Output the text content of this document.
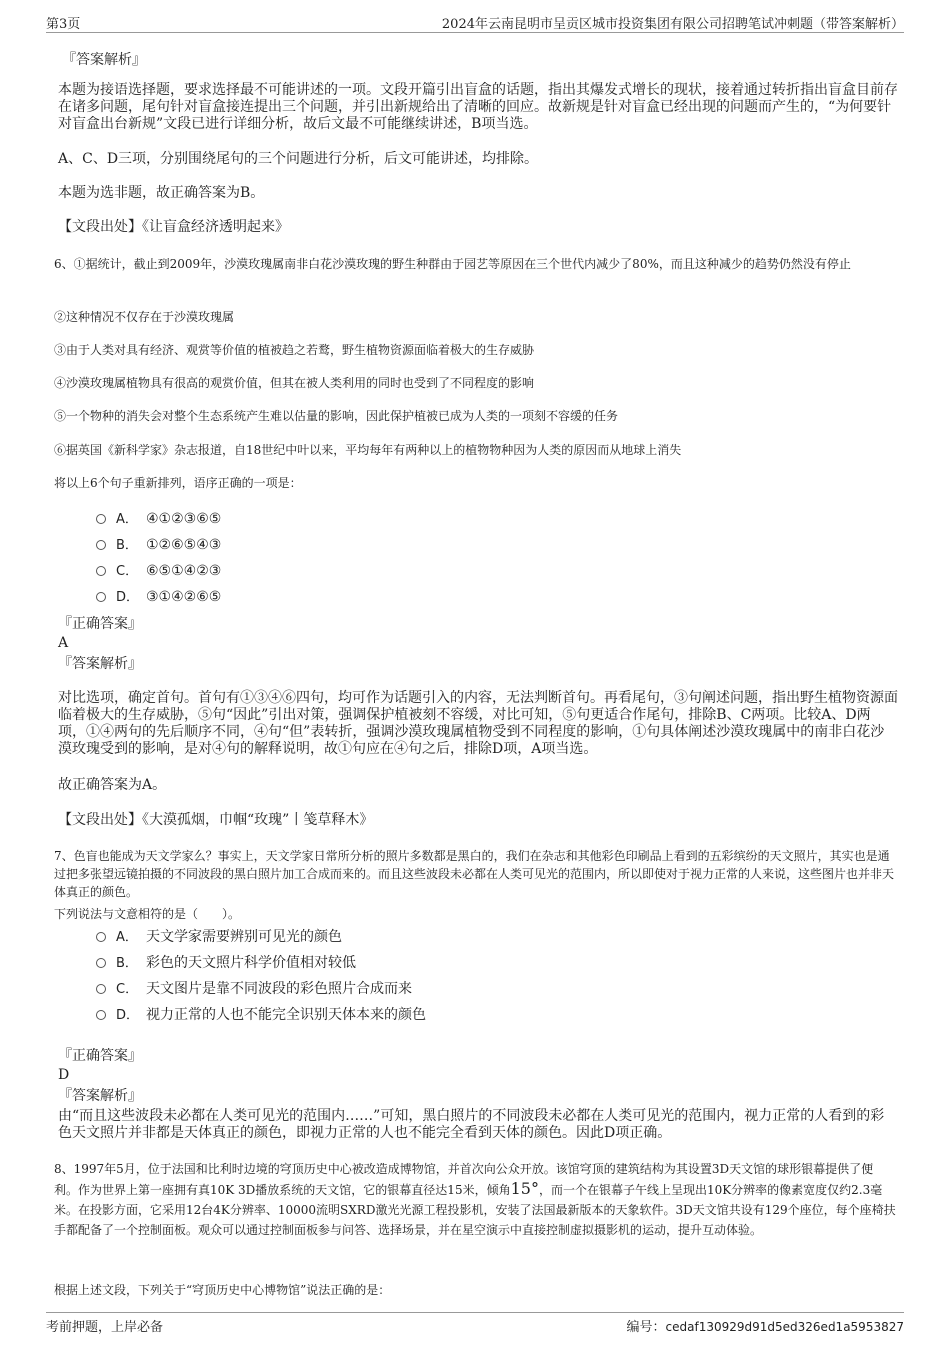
第3页	2024年云南昆明市呈贡区城市投资集团有限公司招聘笔试冲刺题（带答案解析）

『答案解析』

本题为接语选择题，要求选择最不可能讲述的一项。文段开篇引出盲盒的话题，指出其爆发式增长的现状，接着通过转折指出盲盒目前存在诸多问题，尾句针对盲盒接连提出三个问题，并引出新规给出了清晰的回应。故新规是针对盲盒已经出现的问题而产生的，“为何要针对盲盒出台新规”文段已进行详细分析，故后文最不可能继续讲述，B项当选。

A、C、D三项，分别围绕尾句的三个问题进行分析，后文可能讲述，均排除。

本题为选非题，故正确答案为B。

【文段出处】《让盲盒经济透明起来》

6、①据统计，截止到2009年，沙漠玫瑰属南非白花沙漠玫瑰的野生种群由于园艺等原因在三个世代内减少了80%，而且这种减少的趋势仍然没有停止

②这种情况不仅存在于沙漠玫瑰属

③由于人类对具有经济、观赏等价值的植被趋之若鹜，野生植物资源面临着极大的生存威胁

④沙漠玫瑰属植物具有很高的观赏价值，但其在被人类利用的同时也受到了不同程度的影响

⑤一个物种的消失会对整个生态系统产生难以估量的影响，因此保护植被已成为人类的一项刻不容缓的任务

⑥据英国《新科学家》杂志报道，自18世纪中叶以来，平均每年有两种以上的植物物种因为人类的原因而从地球上消失

将以上6个句子重新排列，语序正确的一项是：

A． ④①②③⑥⑤
B． ①②⑥⑤④③
C． ⑥⑤①④②③
D． ③①④②⑥⑤

『正确答案』

A

『答案解析』

对比选项，确定首句。首句有①③④⑥四句，均可作为话题引入的内容，无法判断首句。再看尾句，③句阐述问题，指出野生植物资源面临着极大的生存威胁，⑤句“因此”引出对策，强调保护植被刻不容缓，对比可知，⑤句更适合作尾句，排除B、C两项。比较A、D两项，①④两句的先后顺序不同，④句“但”表转折，强调沙漠玫瑰属植物受到不同程度的影响，①句具体阐述沙漠玫瑰属中的南非白花沙漠玫瑰受到的影响，是对④句的解释说明，故①句应在④句之后，排除D项，A项当选。

故正确答案为A。

【文段出处】《大漠孤烟，巾帼“玫瑰”丨笺草释木》

7、色盲也能成为天文学家么？事实上，天文学家日常所分析的照片多数都是黑白的，我们在杂志和其他彩色印刷品上看到的五彩缤纷的天文照片，其实也是通过把多张望远镜拍摄的不同波段的黑白照片加工合成而来的。而且这些波段未必都在人类可见光的范围内，所以即使对于视力正常的人来说，这些图片也并非天体真正的颜色。

下列说法与文意相符的是（　　）。

A． 天文学家需要辨别可见光的颜色
B． 彩色的天文照片科学价值相对较低
C． 天文图片是靠不同波段的彩色照片合成而来
D． 视力正常的人也不能完全识别天体本来的颜色

『正确答案』

D

『答案解析』

由“而且这些波段未必都在人类可见光的范围内……”可知，黑白照片的不同波段未必都在人类可见光的范围内，视力正常的人看到的彩色天文照片并非都是天体真正的颜色，即视力正常的人也不能完全看到天体的颜色。因此D项正确。

8、1997年5月，位于法国和比利时边境的穹顶历史中心被改造成博物馆，并首次向公众开放。该馆穹顶的建筑结构为其设置3D天文馆的球形银幕提供了便利。作为世界上第一座拥有真10K 3D播放系统的天文馆，它的银幕直径达15米，倾角15°，而一个在银幕子午线上呈现出10K分辨率的像素宽度仅约2.3毫米。在投影方面，它采用12台4K分辨率、10000流明SXRD激光光源工程投影机，安装了法国最新版本的天象软件。3D天文馆共设有129个座位，每个座椅扶手都配备了一个控制面板。观众可以通过控制面板参与问答、选择场景，并在星空演示中直接控制虚拟摄影机的运动，提升互动体验。

根据上述文段，下列关于“穹顶历史中心博物馆”说法正确的是：

考前押题，上岸必备	编号：cedaf130929d91d5ed326ed1a5953827
